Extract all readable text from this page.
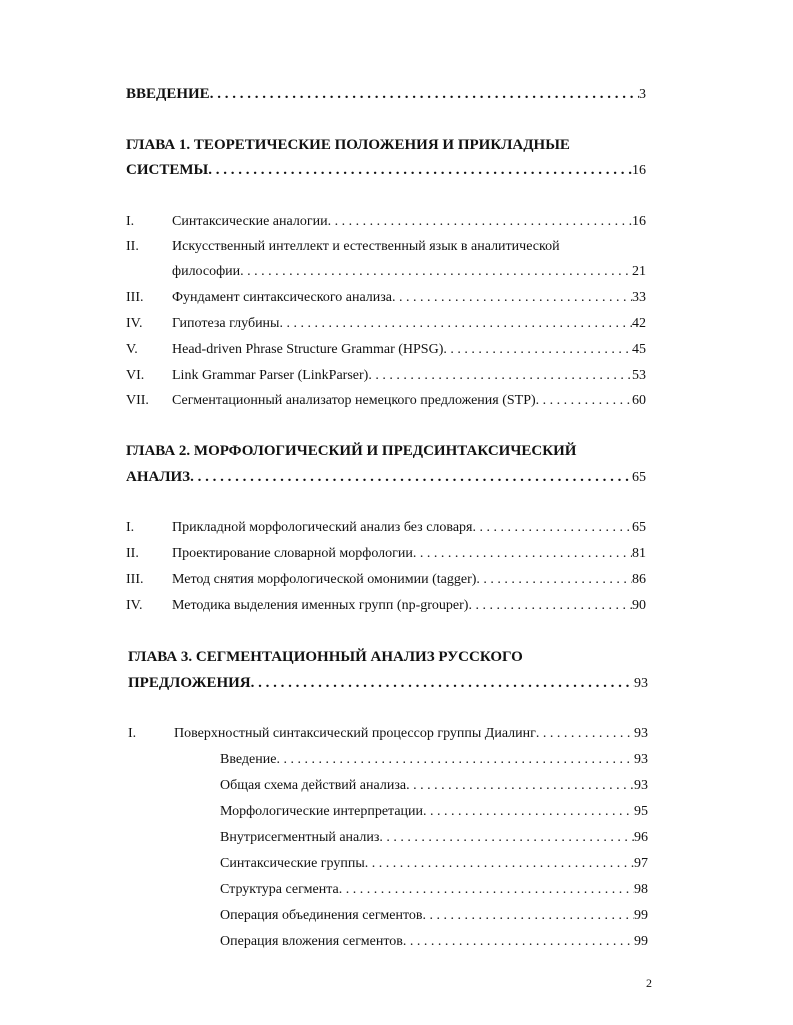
ВВЕДЕНИЕ . . .	3
ГЛАВА 1. ТЕОРЕТИЧЕСКИЕ ПОЛОЖЕНИЯ И ПРИКЛАДНЫЕ
СИСТЕМЫ . . .	16
I.	Синтаксические аналогии . . .	16
II. Искусственный интеллект и естественный язык в аналитической
философии . . .	21
III. Фундамент синтаксического анализа . . .	33
IV. Гипотеза глубины . . .	42
V. Head-driven Phrase Structure Grammar (HPSG) . . .	45
VI. Link Grammar Parser (LinkParser) . . .	53
VII. Сегментационный анализатор немецкого предложения (STP) . . .	60
ГЛАВА 2. МОРФОЛОГИЧЕСКИЙ И ПРЕДСИНТАКСИЧЕСКИЙ
АНАЛИЗ . . .	65
I.	Прикладной морфологический анализ без словаря . . .	65
II. Проектирование словарной морфологии . . .	81
III. Метод снятия морфологической омонимии (tagger) . . .	86
IV. Методика выделения именных групп (np-grouper) . . .	90
ГЛАВА 3. СЕГМЕНТАЦИОННЫЙ АНАЛИЗ РУССКОГО
ПРЕДЛОЖЕНИЯ . . .	93
I.	Поверхностный синтаксический процессор группы Диалинг . . .	93
Введение . . .	93
Общая схема действий анализа . . .	93
Морфологические интерпретации . . .	95
Внутрисегментный анализ . . .	96
Синтаксические группы . . .	97
Структура сегмента . . .	98
Операция объединения сегментов . . .	99
Операция вложения сегментов . . .	99
2
